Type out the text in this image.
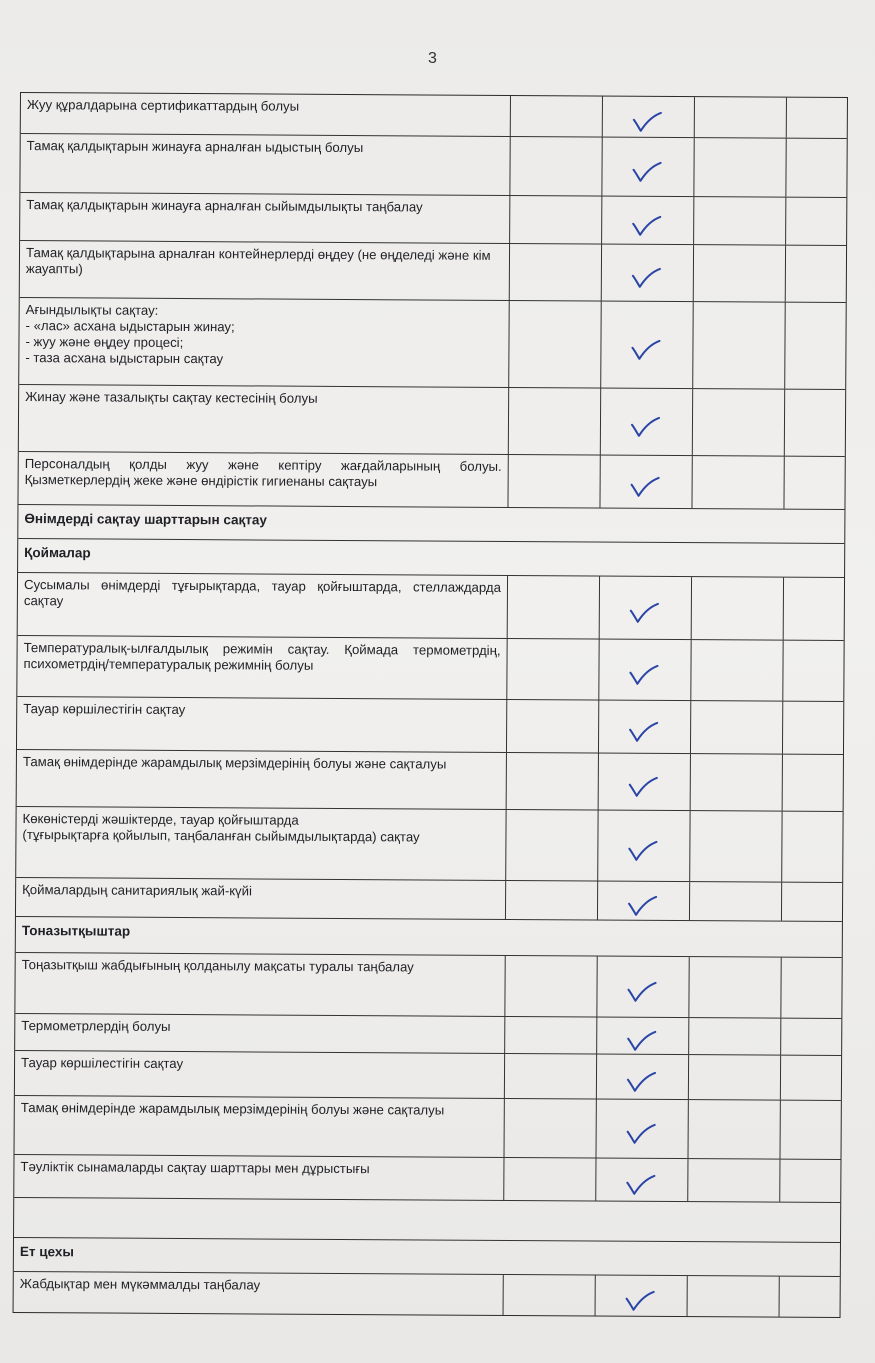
3
Жуу құралдарына сертификаттардың болуы
Тамақ қалдықтарын жинауға арналған ыдыстың болуы
Тамақ қалдықтарын жинауға арналған сыйымдылықты таңбалау
Тамақ қалдықтарына арналған контейнерлерді өңдеу (не өңделеді және кім жауапты)
Ағындылықты сақтау:
- «лас» асхана ыдыстарын жинау;
- жуу және өңдеу процесі;
- таза асхана ыдыстарын сақтау
Жинау және тазалықты сақтау кестесінің болуы
Персоналдың қолды жуу және кептіру жағдайларының болуы. Қызметкерлердің жеке және өндірістік гигиенаны сақтауы
Өнімдерді сақтау шарттарын сақтау
Қоймалар
Сусымалы өнімдерді тұғырықтарда, тауар қойғыштарда, стеллаждарда сақтау
Температуралық-ылғалдылық режимін сақтау. Қоймада термометрдің, психометрдің/температуралық режимнің болуы
Тауар көршілестігін сақтау
Тамақ өнімдерінде жарамдылық мерзімдерінің болуы және сақталуы
Көкөністерді жәшіктерде, тауар қойғыштарда
(тұғырықтарға қойылып, таңбаланған сыйымдылықтарда) сақтау
Қоймалардың санитариялық жай-күйі
Тоназытқыштар
Тоңазытқыш жабдығының қолданылу мақсаты туралы таңбалау
Термометрлердің болуы
Тауар көршілестігін сақтау
Тамақ өнімдерінде жарамдылық мерзімдерінің болуы және сақталуы
Тәуліктік сынамаларды сақтау шарттары мен дұрыстығы
Ет цехы
Жабдықтар мен мүкәммалды таңбалау
